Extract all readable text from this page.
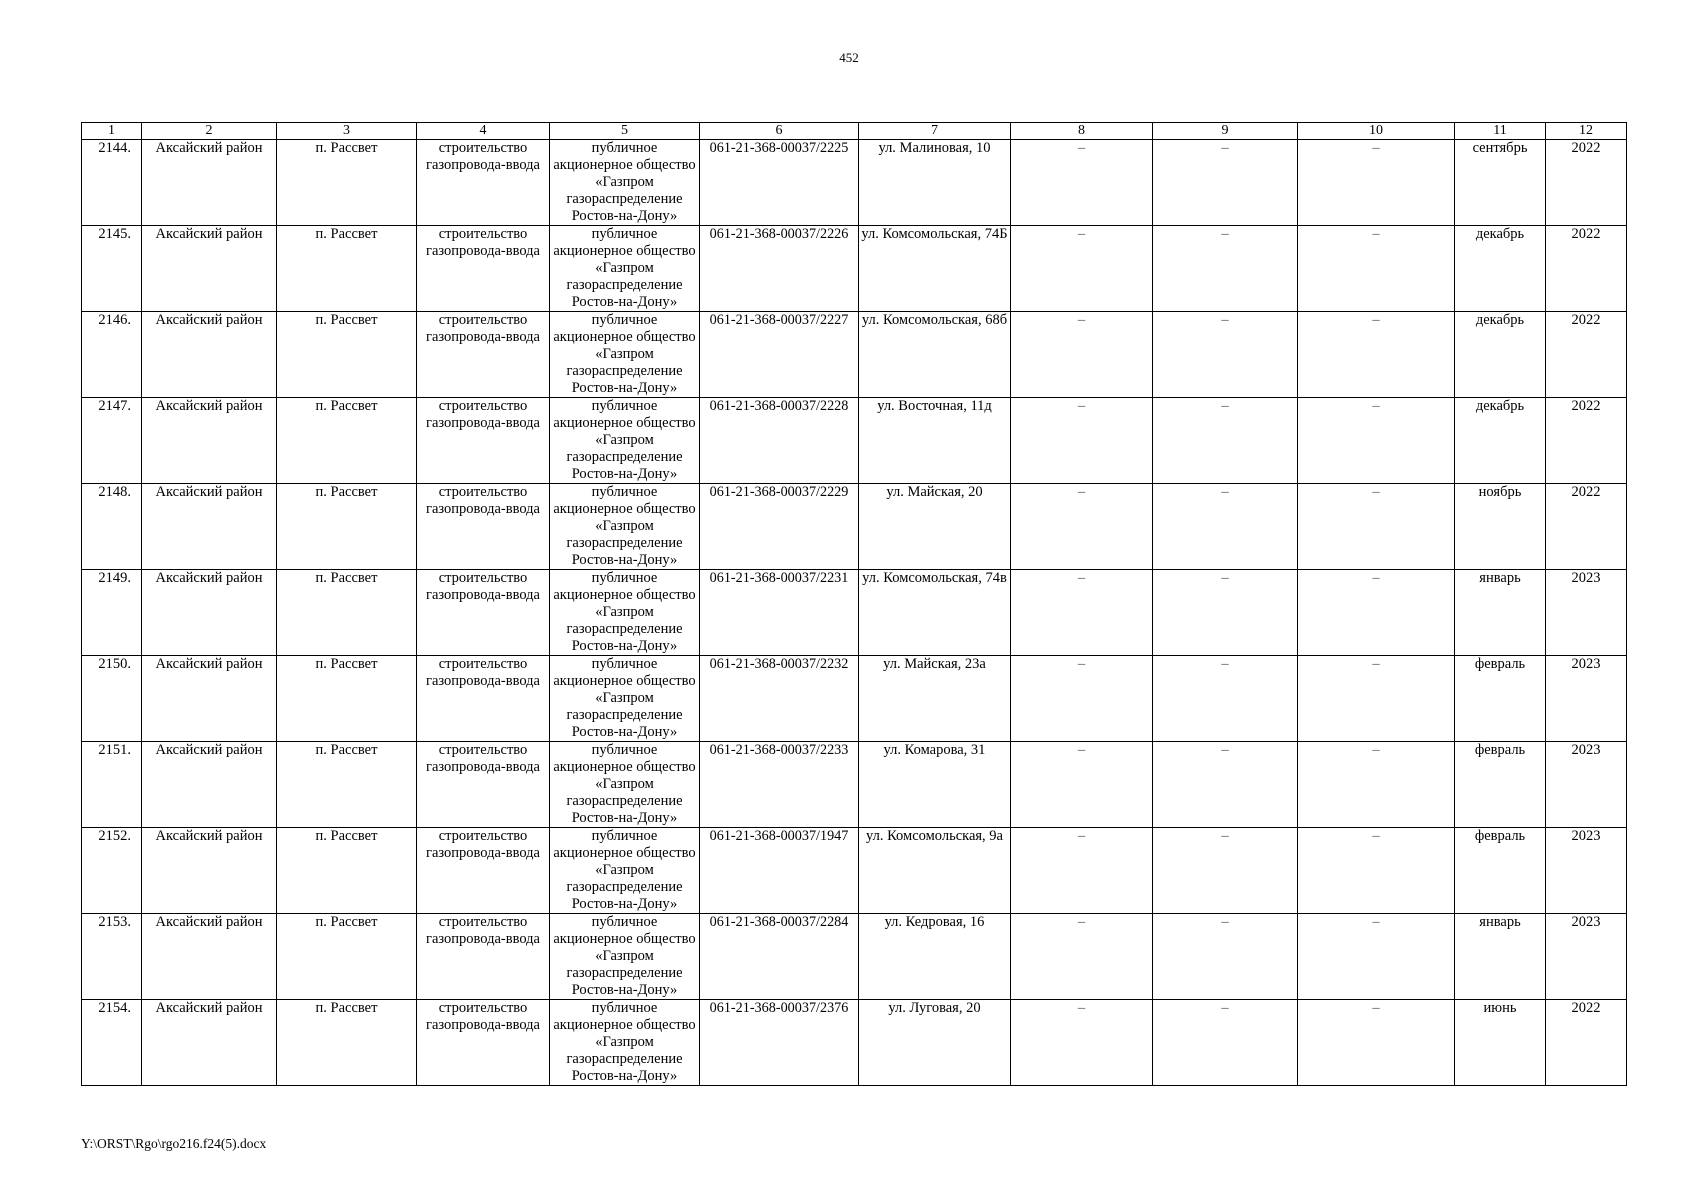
452
1	2	3	4	5	6	7	8	9	10	11	12
2144.	Аксайский район	п. Рассвет	строительство газопровода-ввода	публичное акционерное общество «Газпром газораспределение Ростов-на-Дону»	061-21-368-00037/2225	ул. Малиновая, 10	–	–	–	сентябрь	2022
2145.	Аксайский район	п. Рассвет	строительство газопровода-ввода	публичное акционерное общество «Газпром газораспределение Ростов-на-Дону»	061-21-368-00037/2226	ул. Комсомольская, 74Б	–	–	–	декабрь	2022
2146.	Аксайский район	п. Рассвет	строительство газопровода-ввода	публичное акционерное общество «Газпром газораспределение Ростов-на-Дону»	061-21-368-00037/2227	ул. Комсомольская, 68б	–	–	–	декабрь	2022
2147.	Аксайский район	п. Рассвет	строительство газопровода-ввода	публичное акционерное общество «Газпром газораспределение Ростов-на-Дону»	061-21-368-00037/2228	ул. Восточная, 11д	–	–	–	декабрь	2022
2148.	Аксайский район	п. Рассвет	строительство газопровода-ввода	публичное акционерное общество «Газпром газораспределение Ростов-на-Дону»	061-21-368-00037/2229	ул. Майская, 20	–	–	–	ноябрь	2022
2149.	Аксайский район	п. Рассвет	строительство газопровода-ввода	публичное акционерное общество «Газпром газораспределение Ростов-на-Дону»	061-21-368-00037/2231	ул. Комсомольская, 74в	–	–	–	январь	2023
2150.	Аксайский район	п. Рассвет	строительство газопровода-ввода	публичное акционерное общество «Газпром газораспределение Ростов-на-Дону»	061-21-368-00037/2232	ул. Майская, 23а	–	–	–	февраль	2023
2151.	Аксайский район	п. Рассвет	строительство газопровода-ввода	публичное акционерное общество «Газпром газораспределение Ростов-на-Дону»	061-21-368-00037/2233	ул. Комарова, 31	–	–	–	февраль	2023
2152.	Аксайский район	п. Рассвет	строительство газопровода-ввода	публичное акционерное общество «Газпром газораспределение Ростов-на-Дону»	061-21-368-00037/1947	ул. Комсомольская, 9а	–	–	–	февраль	2023
2153.	Аксайский район	п. Рассвет	строительство газопровода-ввода	публичное акционерное общество «Газпром газораспределение Ростов-на-Дону»	061-21-368-00037/2284	ул. Кедровая, 16	–	–	–	январь	2023
2154.	Аксайский район	п. Рассвет	строительство газопровода-ввода	публичное акционерное общество «Газпром газораспределение Ростов-на-Дону»	061-21-368-00037/2376	ул. Луговая, 20	–	–	–	июнь	2022
Y:\ORST\Rgo\rgo216.f24(5).docx
